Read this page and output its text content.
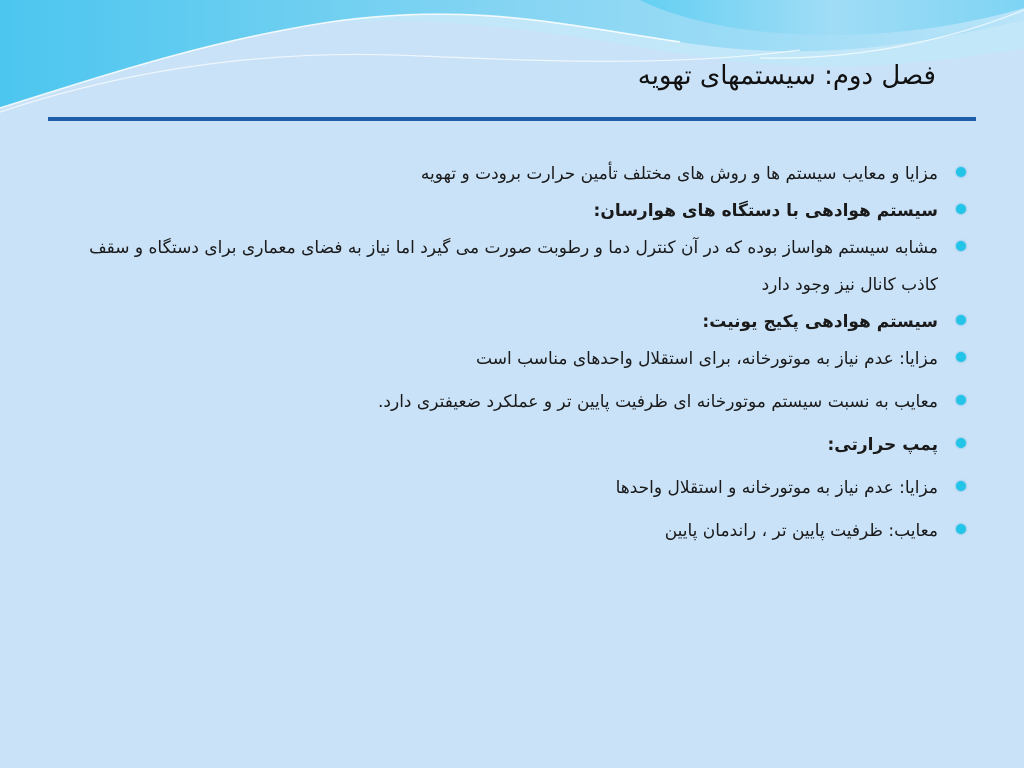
فصل دوم: سیستمهای تهویه
مزایا و معایب سیستم ها و روش های مختلف تأمین حرارت برودت و تهویه
سیستم هوادهی با دستگاه های هوارسان:
مشابه سیستم هواساز بوده که در آن کنترل دما و رطوبت صورت می گیرد اما نیاز به فضای معماری برای دستگاه و سقف کاذب کانال نیز وجود دارد
سیستم هوادهی پکیج یونیت:
مزایا: عدم نیاز به موتورخانه، برای استقلال واحدهای مناسب است
معایب به نسبت سیستم موتورخانه ای ظرفیت پایین تر و عملکرد ضعیفتری دارد.
پمپ حرارتی:
مزایا: عدم نیاز به موتورخانه و استقلال واحدها
معایب: ظرفیت پایین تر ، راندمان پایین
